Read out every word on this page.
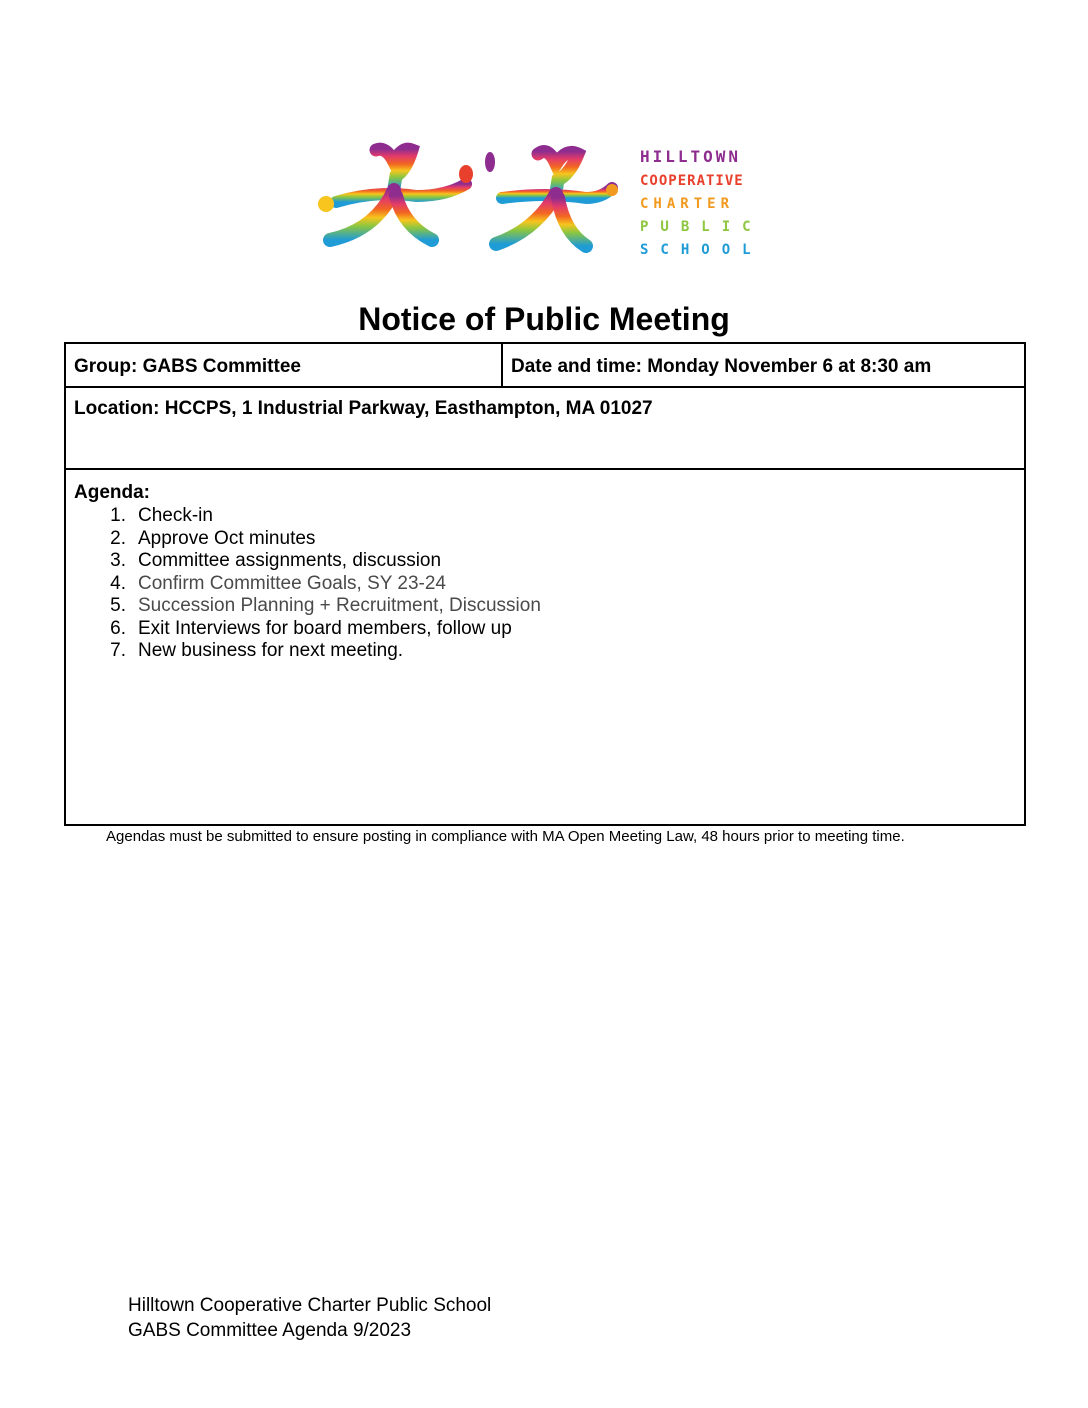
HILLTOWN
COOPERATIVE
CHARTER
PUBLIC
SCHOOL
Notice of Public Meeting
Group: GABS Committee	Date and time: Monday November 6 at 8:30 am
Location: HCCPS, 1 Industrial Parkway, Easthampton, MA 01027
Agenda:
1. Check-in
2. Approve Oct minutes
3. Committee assignments, discussion
4. Confirm Committee Goals, SY 23-24
5. Succession Planning + Recruitment, Discussion
6. Exit Interviews for board members, follow up
7. New business for next meeting.
Agendas must be submitted to ensure posting in compliance with MA Open Meeting Law, 48 hours prior to meeting time.
Hilltown Cooperative Charter Public School
GABS Committee Agenda 9/2023
